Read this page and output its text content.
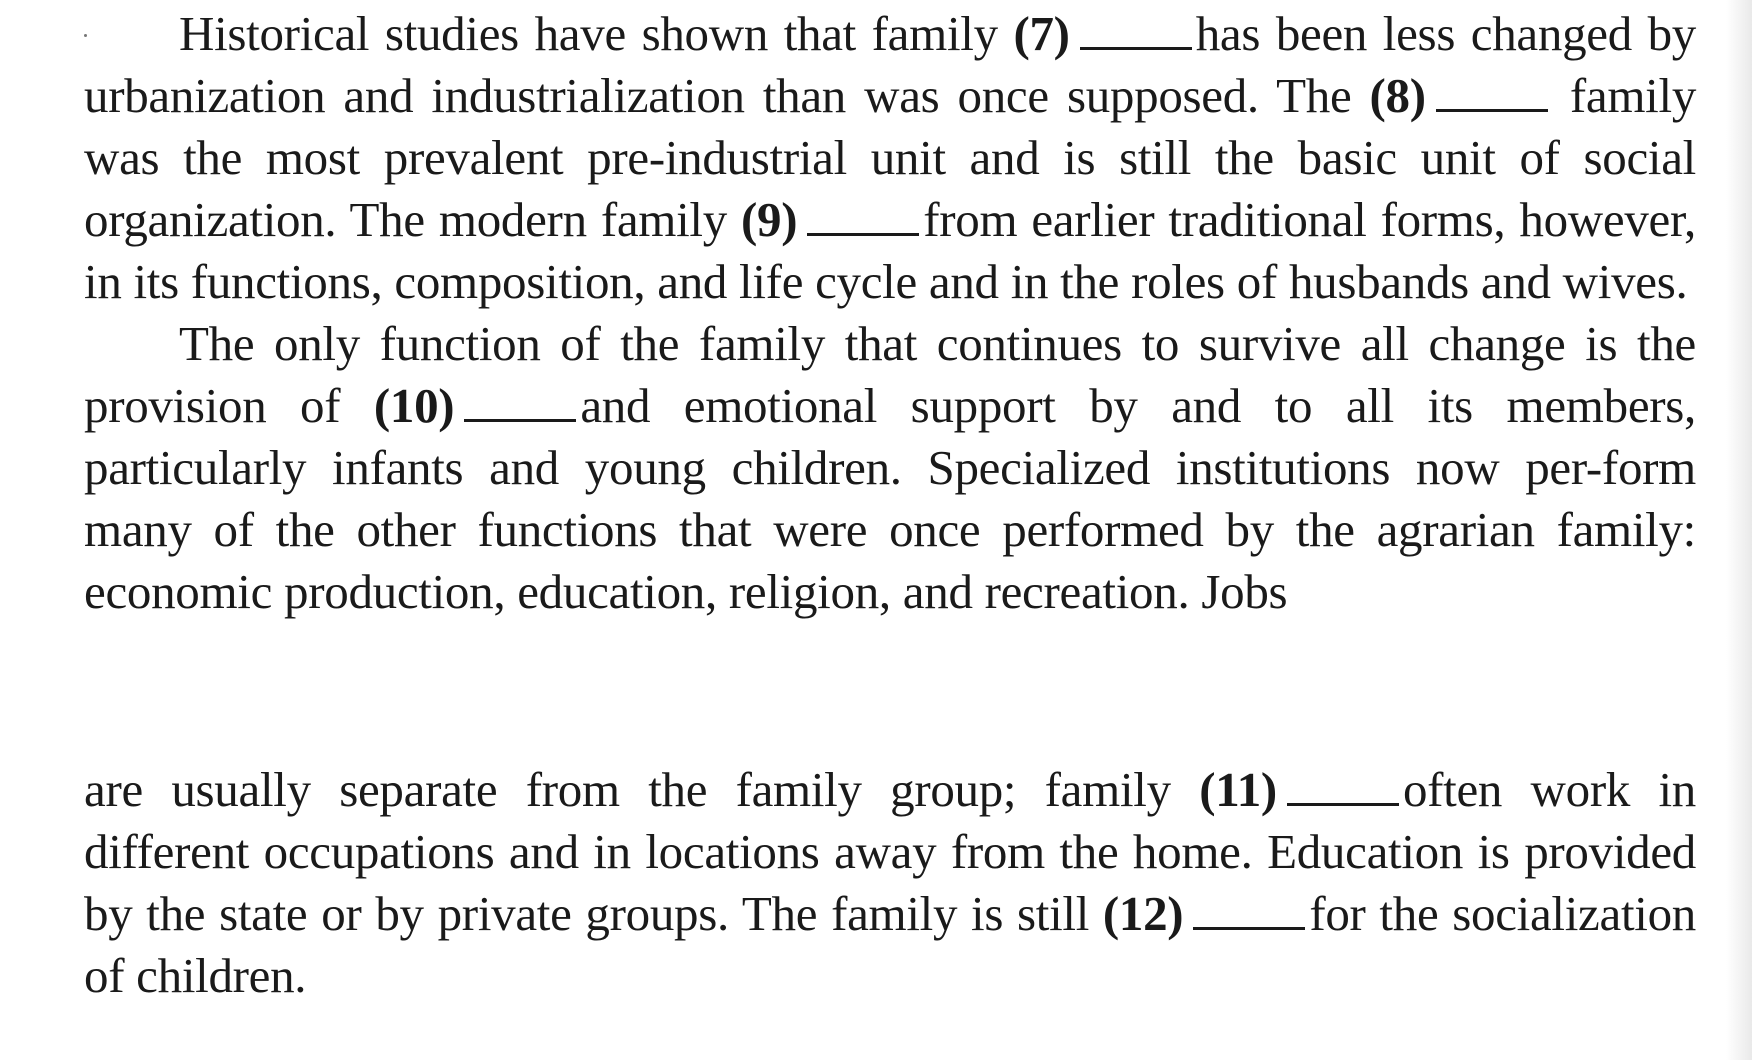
Historical studies have shown that family (7)	has been less changed by urbanization and industrialization than was once supposed. The (8)	family was the most prevalent pre-industrial unit and is still the basic unit of social organization. The modern family (9)	from earlier traditional forms, however, in its functions, composition, and life cycle and in the roles of husbands and wives.

The only function of the family that continues to survive all change is the provision of (10)	and emotional support by and to all its members, particularly infants and young children. Specialized institutions now per-form many of the other functions that were once performed by the agrarian family: economic production, education, religion, and recreation. Jobs

are usually separate from the family group; family (11)	often work in different occupations and in locations away from the home. Education is provided by the state or by private groups. The family is still (12)	for the socialization of children.
